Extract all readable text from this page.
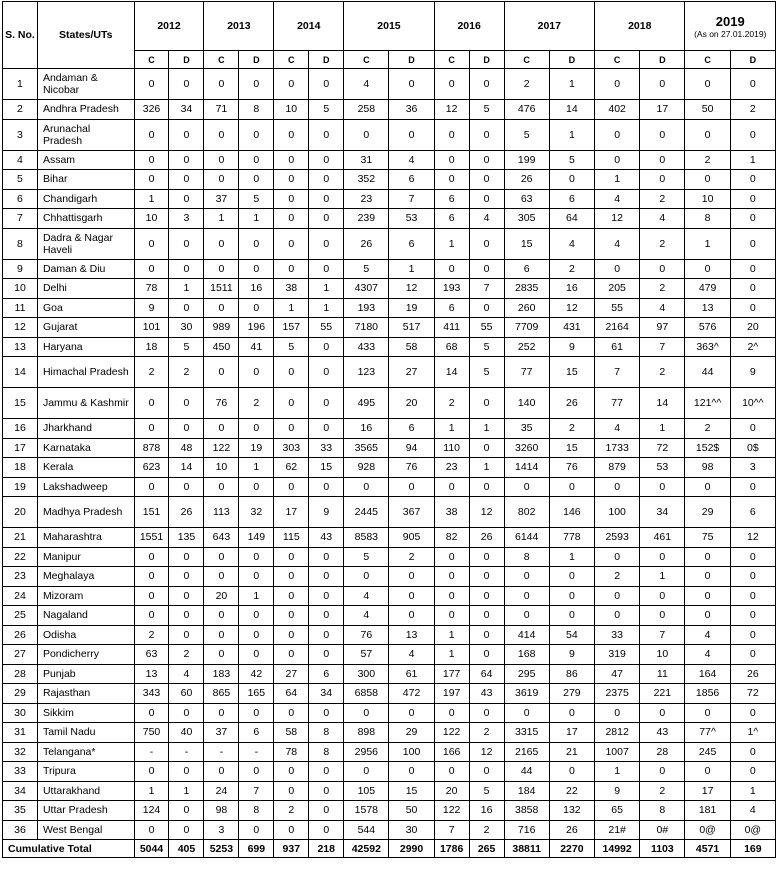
S. No.	States/UTs	2012		2013		2014		2015		2016		2017		2018		2019
(As on 27.01.2019)	

		C	D	C	D	C	D	C	D	C	D	C	D	C	D	C	D
1	Andaman & Nicobar	0	0	0	0	0	0	4	0	0	0	2	1	0	0	0	0
2	Andhra Pradesh	326	34	71	8	10	5	258	36	12	5	476	14	402	17	50	2
3	Arunachal Pradesh	0	0	0	0	0	0	0	0	0	0	5	1	0	0	0	0
4	Assam	0	0	0	0	0	0	31	4	0	0	199	5	0	0	2	1
5	Bihar	0	0	0	0	0	0	352	6	0	0	26	0	1	0	0	0
6	Chandigarh	1	0	37	5	0	0	23	7	6	0	63	6	4	2	10	0
7	Chhattisgarh	10	3	1	1	0	0	239	53	6	4	305	64	12	4	8	0
8	Dadra & Nagar Haveli	0	0	0	0	0	0	26	6	1	0	15	4	4	2	1	0
9	Daman & Diu	0	0	0	0	0	0	5	1	0	0	6	2	0	0	0	0
10	Delhi	78	1	1511	16	38	1	4307	12	193	7	2835	16	205	2	479	0
11	Goa	9	0	0	0	1	1	193	19	6	0	260	12	55	4	13	0
12	Gujarat	101	30	989	196	157	55	7180	517	411	55	7709	431	2164	97	576	20
13	Haryana	18	5	450	41	5	0	433	58	68	5	252	9	61	7	363^	2^
14	Himachal Pradesh	2	2	0	0	0	0	123	27	14	5	77	15	7	2	44	9
15	Jammu & Kashmir	0	0	76	2	0	0	495	20	2	0	140	26	77	14	121^^	10^^
16	Jharkhand	0	0	0	0	0	0	16	6	1	1	35	2	4	1	2	0
17	Karnataka	878	48	122	19	303	33	3565	94	110	0	3260	15	1733	72	152$	0$
18	Kerala	623	14	10	1	62	15	928	76	23	1	1414	76	879	53	98	3
19	Lakshadweep	0	0	0	0	0	0	0	0	0	0	0	0	0	0	0	0
20	Madhya Pradesh	151	26	113	32	17	9	2445	367	38	12	802	146	100	34	29	6
21	Maharashtra	1551	135	643	149	115	43	8583	905	82	26	6144	778	2593	461	75	12
22	Manipur	0	0	0	0	0	0	5	2	0	0	8	1	0	0	0	0
23	Meghalaya	0	0	0	0	0	0	0	0	0	0	0	0	2	1	0	0
24	Mizoram	0	0	20	1	0	0	4	0	0	0	0	0	0	0	0	0
25	Nagaland	0	0	0	0	0	0	4	0	0	0	0	0	0	0	0	0
26	Odisha	2	0	0	0	0	0	76	13	1	0	414	54	33	7	4	0
27	Pondicherry	63	2	0	0	0	0	57	4	1	0	168	9	319	10	4	0
28	Punjab	13	4	183	42	27	6	300	61	177	64	295	86	47	11	164	26
29	Rajasthan	343	60	865	165	64	34	6858	472	197	43	3619	279	2375	221	1856	72
30	Sikkim	0	0	0	0	0	0	0	0	0	0	0	0	0	0	0	0
31	Tamil Nadu	750	40	37	6	58	8	898	29	122	2	3315	17	2812	43	77^	1^
32	Telangana*	-	-	-	-	78	8	2956	100	166	12	2165	21	1007	28	245	0
33	Tripura	0	0	0	0	0	0	0	0	0	0	44	0	1	0	0	0
34	Uttarakhand	1	1	24	7	0	0	105	15	20	5	184	22	9	2	17	1
35	Uttar Pradesh	124	0	98	8	2	0	1578	50	122	16	3858	132	65	8	181	4
36	West Bengal	0	0	3	0	0	0	544	30	7	2	716	26	21#	0#	0@	0@
Cumulative Total		5044	405	5253	699	937	218	42592	2990	1786	265	38811	2270	14992	1103	4571	169
